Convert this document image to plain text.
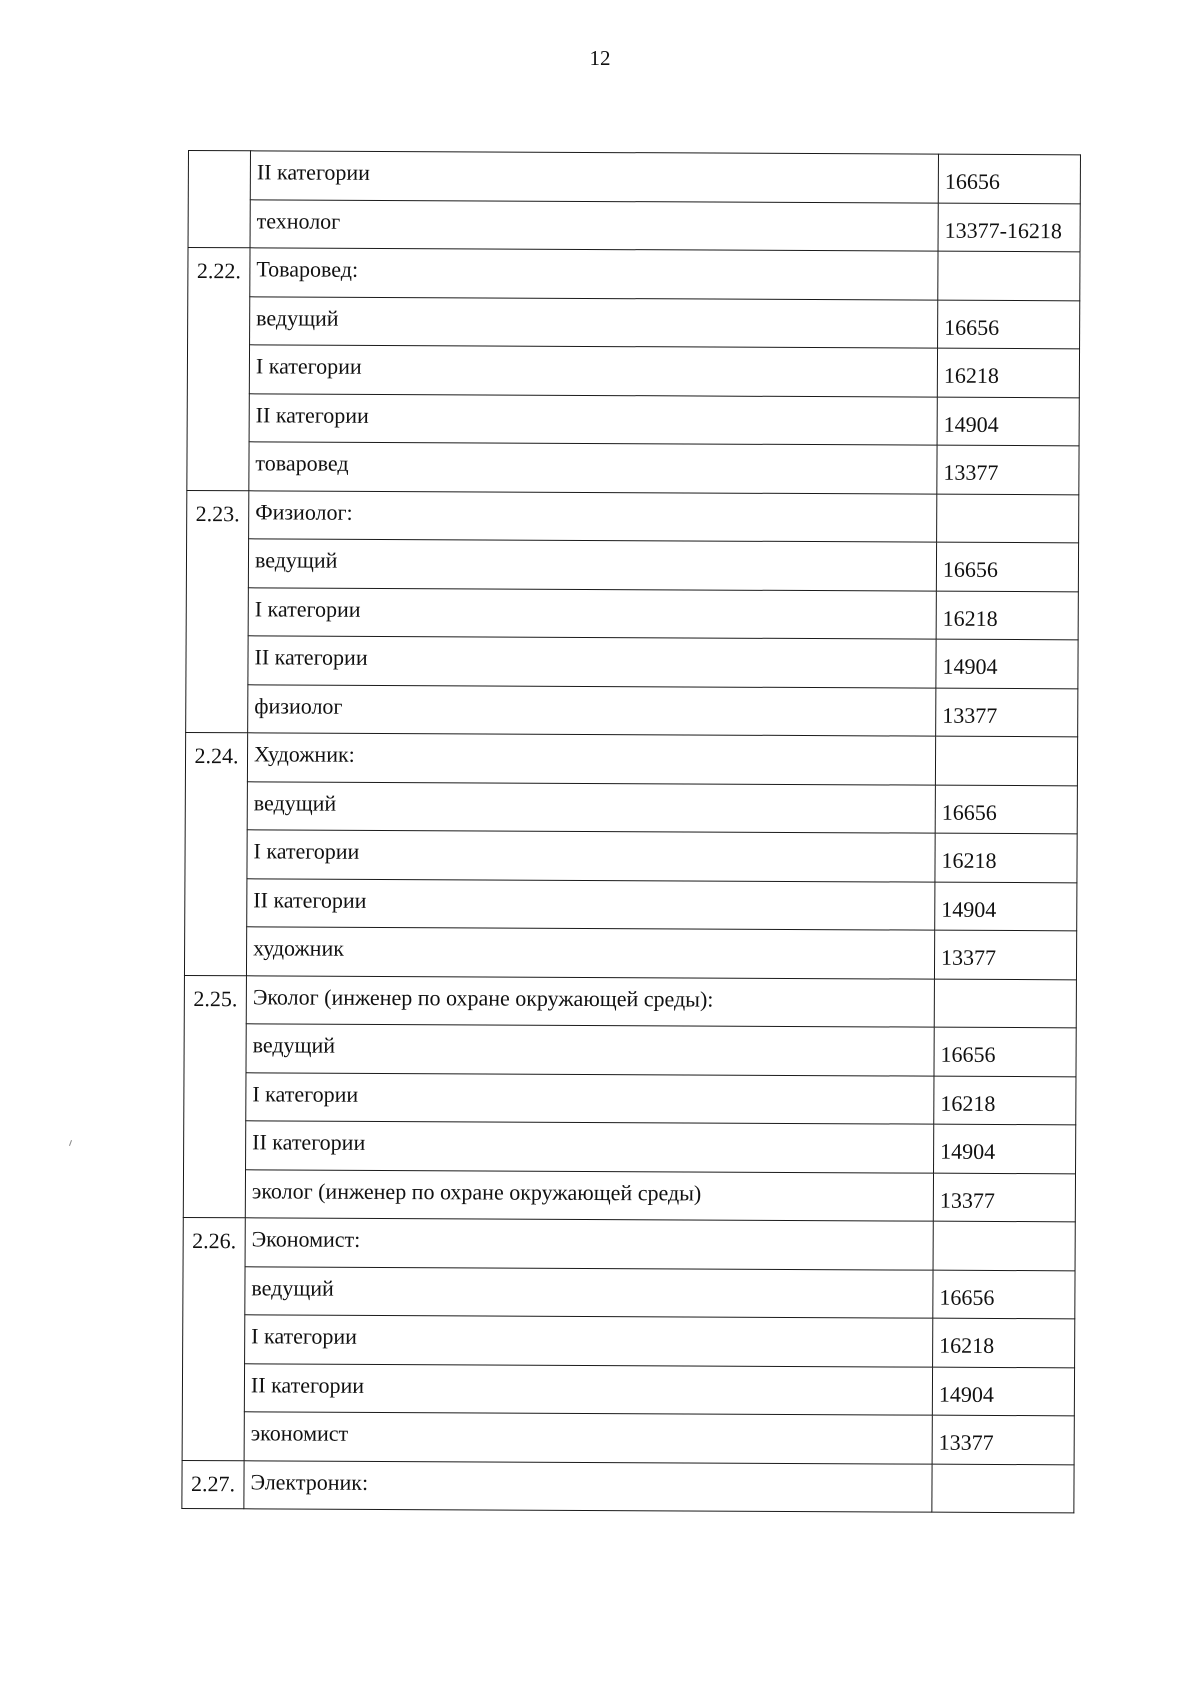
12
	II категории	16656
	технолог	13377-16218
2.22.	Товаровед:	
	ведущий	16656
	I категории	16218
	II категории	14904
	товаровед	13377
2.23.	Физиолог:	
	ведущий	16656
	I категории	16218
	II категории	14904
	физиолог	13377
2.24.	Художник:	
	ведущий	16656
	I категории	16218
	II категории	14904
	художник	13377
2.25.	Эколог (инженер по охране окружающей среды):	
	ведущий	16656
	I категории	16218
	II категории	14904
	эколог (инженер по охране окружающей среды)	13377
2.26.	Экономист:	
	ведущий	16656
	I категории	16218
	II категории	14904
	экономист	13377
2.27.	Электроник:	
